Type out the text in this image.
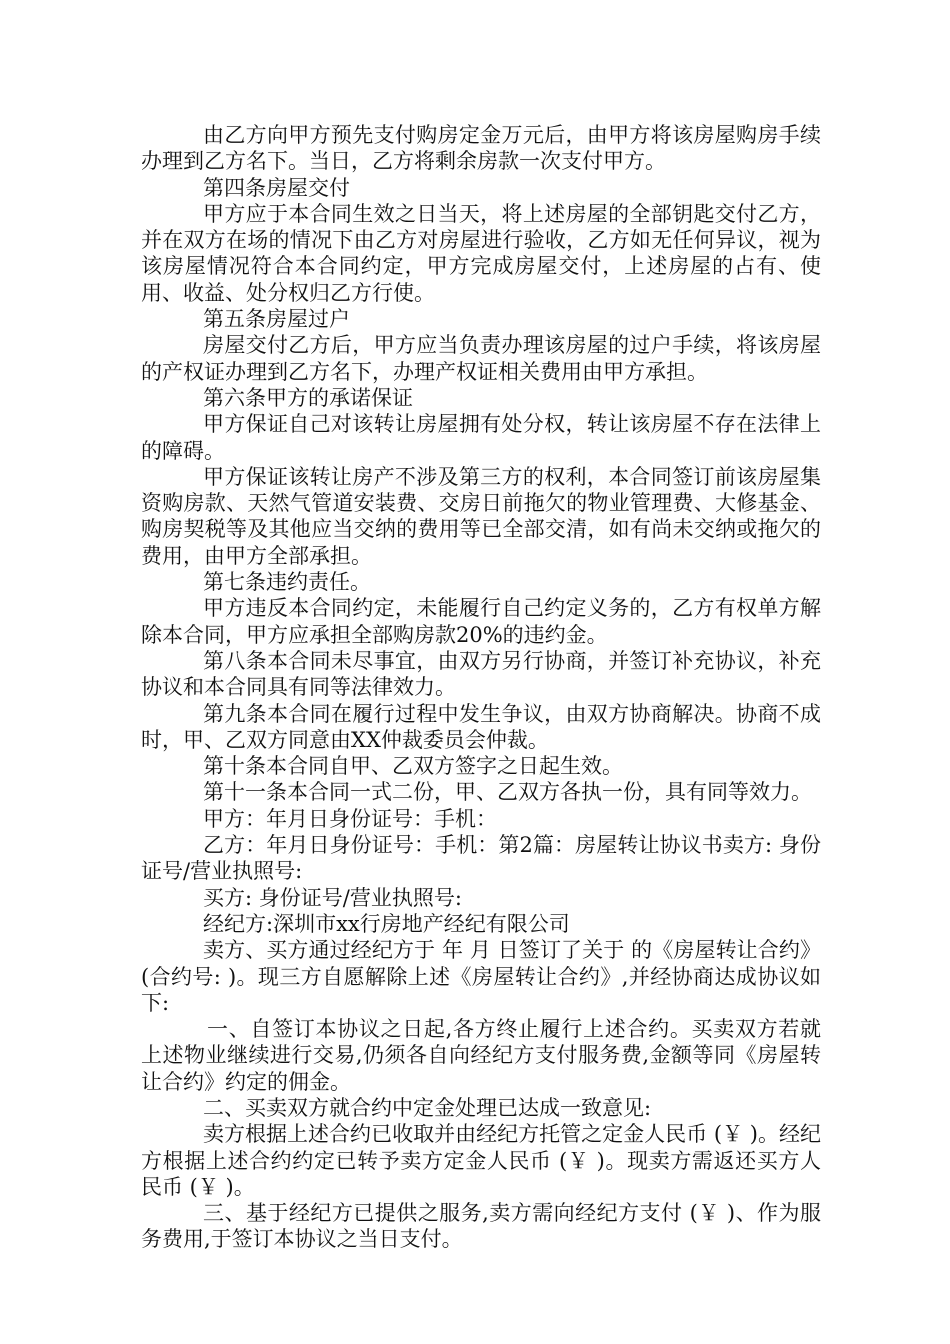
由乙方向甲方预先支付购房定金万元后，由甲方将该房屋购房手续办理到乙方名下。当日，乙方将剩余房款一次支付甲方。

第四条房屋交付

甲方应于本合同生效之日当天，将上述房屋的全部钥匙交付乙方，并在双方在场的情况下由乙方对房屋进行验收，乙方如无任何异议，视为该房屋情况符合本合同约定，甲方完成房屋交付，上述房屋的占有、使用、收益、处分权归乙方行使。

第五条房屋过户

房屋交付乙方后，甲方应当负责办理该房屋的过户手续，将该房屋的产权证办理到乙方名下，办理产权证相关费用由甲方承担。

第六条甲方的承诺保证

甲方保证自己对该转让房屋拥有处分权，转让该房屋不存在法律上的障碍。

甲方保证该转让房产不涉及第三方的权利，本合同签订前该房屋集资购房款、天然气管道安装费、交房日前拖欠的物业管理费、大修基金、购房契税等及其他应当交纳的费用等已全部交清，如有尚未交纳或拖欠的费用，由甲方全部承担。

第七条违约责任。

甲方违反本合同约定，未能履行自己约定义务的，乙方有权单方解除本合同，甲方应承担全部购房款20%的违约金。

第八条本合同未尽事宜，由双方另行协商，并签订补充协议，补充协议和本合同具有同等法律效力。

第九条本合同在履行过程中发生争议，由双方协商解决。协商不成时，甲、乙双方同意由XX仲裁委员会仲裁。

第十条本合同自甲、乙双方签字之日起生效。

第十一条本合同一式二份，甲、乙双方各执一份，具有同等效力。

甲方：年月日身份证号：手机：

乙方：年月日身份证号：手机：第2篇：房屋转让协议书卖方: 身份证号/营业执照号:

买方: 身份证号/营业执照号:

经纪方:深圳市xx行房地产经纪有限公司

卖方、买方通过经纪方于 年 月 日签订了关于 的《房屋转让合约》(合约号: )。现三方自愿解除上述《房屋转让合约》,并经协商达成协议如下:

一、自签订本协议之日起,各方终止履行上述合约。买卖双方若就上述物业继续进行交易,仍须各自向经纪方支付服务费,金额等同《房屋转让合约》约定的佣金。

二、买卖双方就合约中定金处理已达成一致意见:

卖方根据上述合约已收取并由经纪方托管之定金人民币 (￥ )。经纪方根据上述合约约定已转予卖方定金人民币 (￥ )。现卖方需返还买方人民币 (￥ )。

三、基于经纪方已提供之服务,卖方需向经纪方支付 (￥ )、作为服务费用,于签订本协议之当日支付。
